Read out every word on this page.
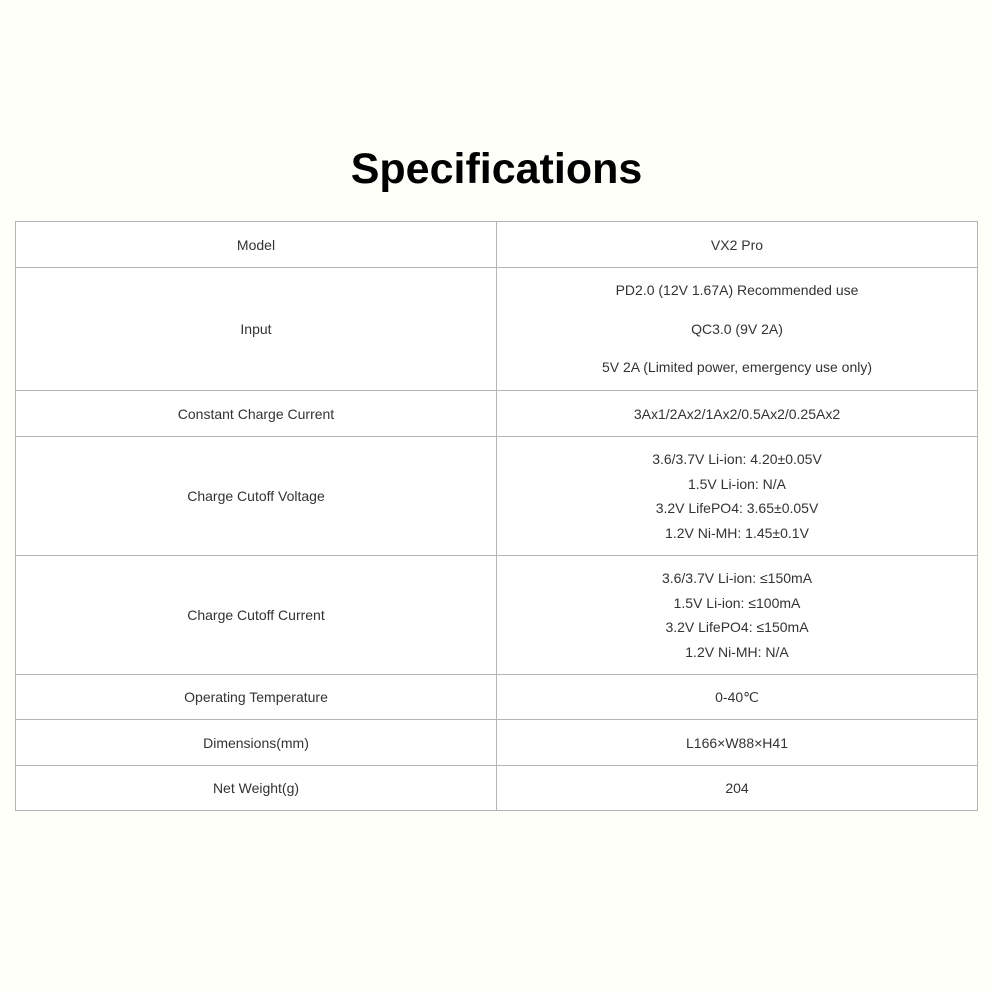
Specifications
Model	VX2 Pro

Input	PD2.0 (12V 1.67A) Recommended use
QC3.0 (9V 2A)
5V 2A (Limited power, emergency use only)

Constant Charge Current	3Ax1/2Ax2/1Ax2/0.5Ax2/0.25Ax2

Charge Cutoff Voltage	3.6/3.7V Li-ion: 4.20±0.05V
1.5V Li-ion: N/A
3.2V LifePO4: 3.65±0.05V
1.2V Ni-MH: 1.45±0.1V

Charge Cutoff Current	3.6/3.7V Li-ion: ≤150mA
1.5V Li-ion: ≤100mA
3.2V LifePO4: ≤150mA
1.2V Ni-MH: N/A

Operating Temperature	0-40℃

Dimensions(mm)	L166×W88×H41

Net Weight(g)	204
